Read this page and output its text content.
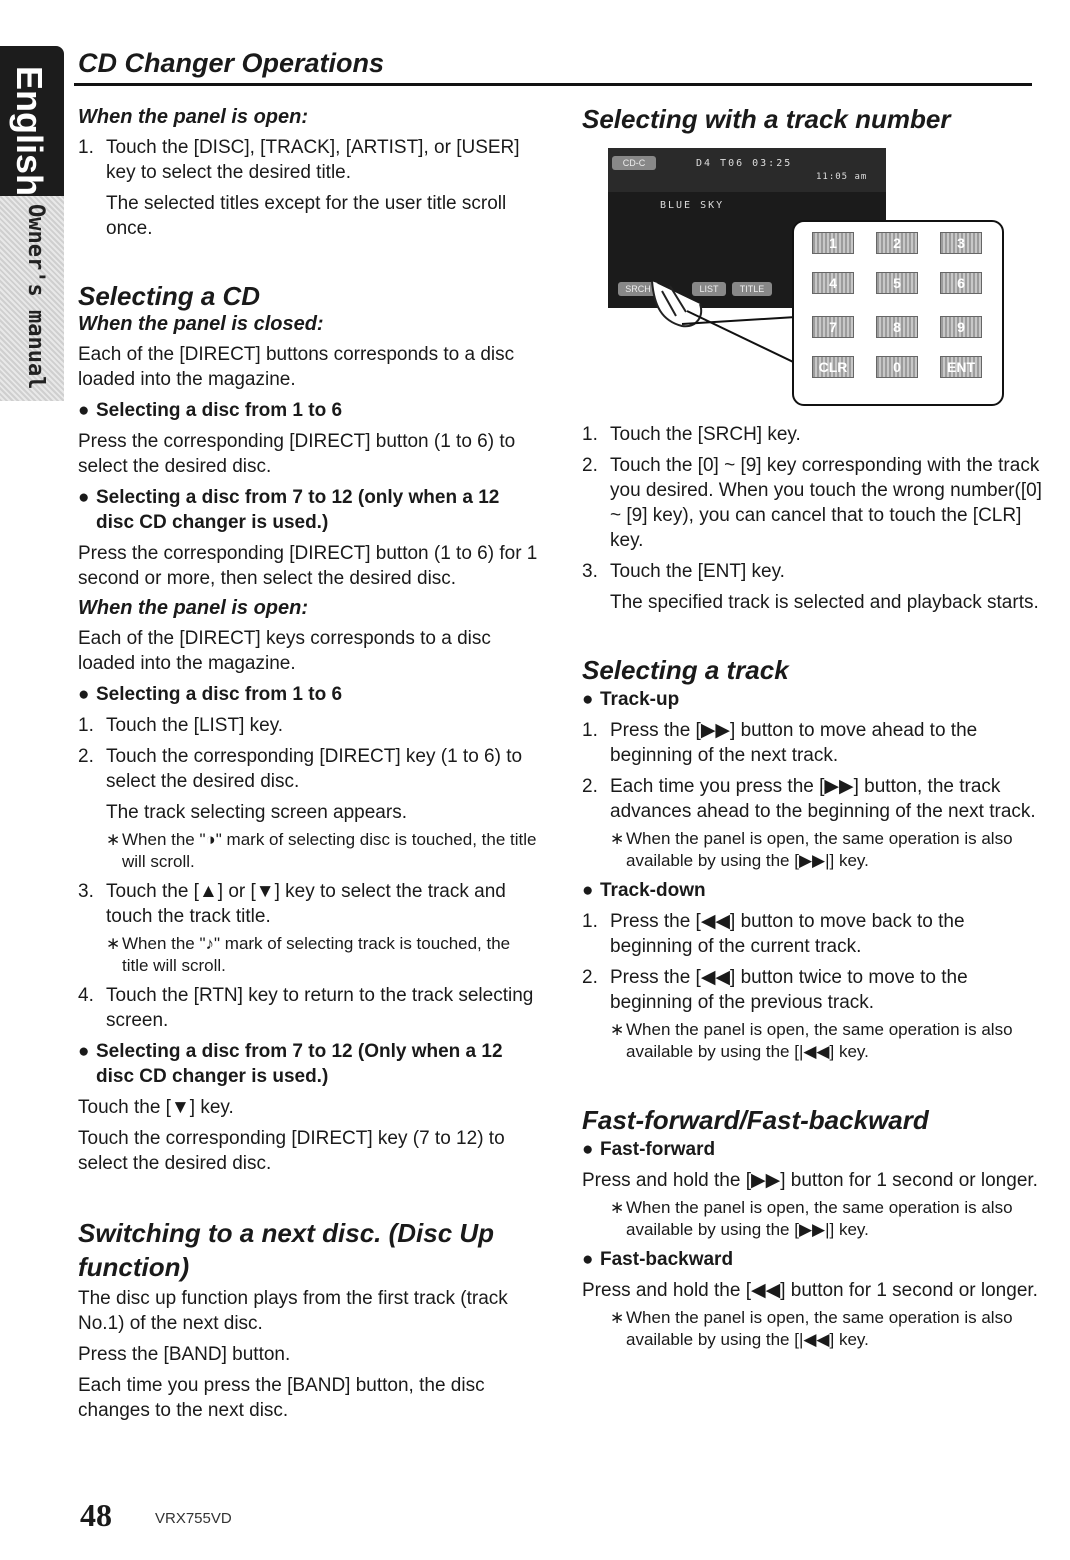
English
Owner's manual
CD Changer Operations
When the panel is open:
1. Touch the [DISC], [TRACK], [ARTIST], or [USER] key to select the desired title.
The selected titles except for the user title scroll once.
Selecting a CD
When the panel is closed:
Each of the [DIRECT] buttons corresponds to a disc loaded into the magazine.
● Selecting a disc from 1 to 6
Press the corresponding [DIRECT] button (1 to 6) to select the desired disc.
● Selecting a disc from 7 to 12 (only when a 12 disc CD changer is used.)
Press the corresponding [DIRECT] button (1 to 6) for 1 second or more, then select the desired disc.
When the panel is open:
Each of the [DIRECT] keys corresponds to a disc loaded into the magazine.
● Selecting a disc from 1 to 6
1. Touch the [LIST] key.
2. Touch the corresponding [DIRECT] key (1 to 6) to select the desired disc.
The track selecting screen appears.
∗ When the "◑" mark of selecting disc is touched, the title will scroll.
3. Touch the [▲] or [▼] key to select the track and touch the track title.
∗ When the "♪" mark of selecting track is touched, the title will scroll.
4. Touch the [RTN] key to return to the track selecting screen.
● Selecting a disc from 7 to 12 (Only when a 12 disc CD changer is used.)
Touch the [▼] key.
Touch the corresponding [DIRECT] key (7 to 12) to select the desired disc.
Switching to a next disc. (Disc Up function)
The disc up function plays from the first track (track No.1) of the next disc.
Press the [BAND] button.
Each time you press the [BAND] button, the disc changes to the next disc.
Selecting with a track number
CD-C	D4 T06 03:25
11:05 am
BLUE SKY
SRCH	LIST	TITLE
1	2	3
4	5	6
7	8	9
CLR	0	ENT
1. Touch the [SRCH] key.
2. Touch the [0] ~ [9] key corresponding with the track you desired. When you touch the wrong number([0] ~ [9] key), you can cancel that to touch the [CLR] key.
3. Touch the [ENT] key.
The specified track is selected and playback starts.
Selecting a track
● Track-up
1. Press the [▶▶] button to move ahead to the beginning of the next track.
2. Each time you press the [▶▶] button, the track advances ahead to the beginning of the next track.
∗ When the panel is open, the same operation is also available by using the [▶▶|] key.
● Track-down
1. Press the [◀◀] button to move back to the beginning of the current track.
2. Press the [◀◀] button twice to move to the beginning of the previous track.
∗ When the panel is open, the same operation is also available by using the [|◀◀] key.
Fast-forward/Fast-backward
● Fast-forward
Press and hold the [▶▶] button for 1 second or longer.
∗ When the panel is open, the same operation is also available by using the [▶▶|] key.
● Fast-backward
Press and hold the [◀◀] button for 1 second or longer.
∗ When the panel is open, the same operation is also available by using the [|◀◀] key.
48	VRX755VD
